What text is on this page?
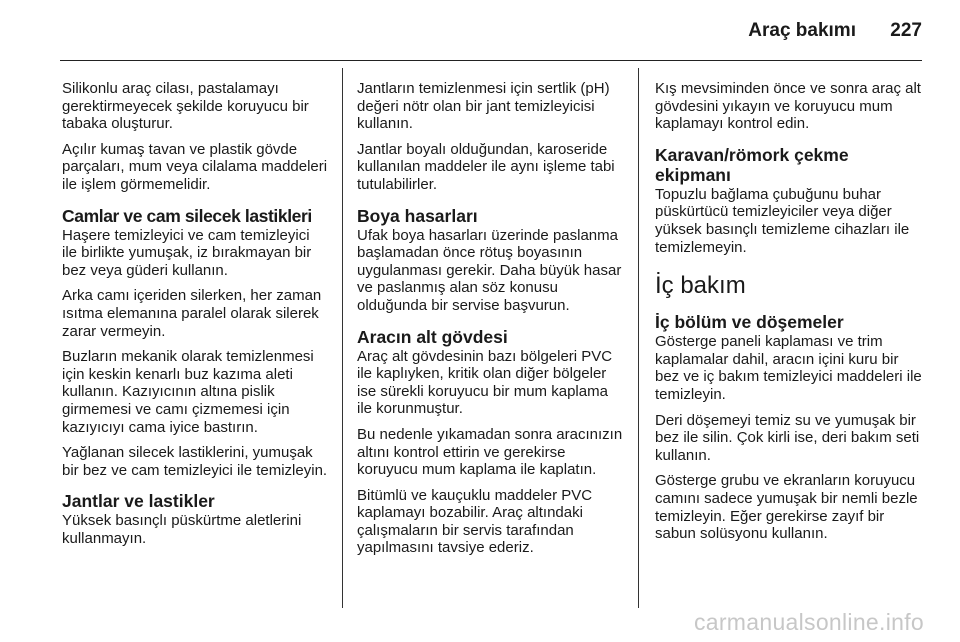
Araç bakımı 227

Silikonlu araç cilası, pastalamayı gerektirmeyecek şekilde koruyucu bir tabaka oluşturur.

Açılır kumaş tavan ve plastik gövde parçaları, mum veya cilalama maddeleri ile işlem görmemelidir.

Camlar ve cam silecek lastikleri

Haşere temizleyici ve cam temizleyici ile birlikte yumuşak, iz bırakmayan bir bez veya güderi kullanın.

Arka camı içeriden silerken, her zaman ısıtma elemanına paralel olarak silerek zarar vermeyin.

Buzların mekanik olarak temizlenmesi için keskin kenarlı buz kazıma aleti kullanın. Kazıyıcının altına pislik girmemesi ve camı çizmemesi için kazıyıcıyı cama iyice bastırın.

Yağlanan silecek lastiklerini, yumuşak bir bez ve cam temizleyici ile temizleyin.

Jantlar ve lastikler

Yüksek basınçlı püskürtme aletlerini kullanmayın.

Jantların temizlenmesi için sertlik (pH) değeri nötr olan bir jant temizleyicisi kullanın.

Jantlar boyalı olduğundan, karoseride kullanılan maddeler ile aynı işleme tabi tutulabilirler.

Boya hasarları

Ufak boya hasarları üzerinde paslanma başlamadan önce rötuş boyasının uygulanması gerekir. Daha büyük hasar ve paslanmış alan söz konusu olduğunda bir servise başvurun.

Aracın alt gövdesi

Araç alt gövdesinin bazı bölgeleri PVC ile kaplıyken, kritik olan diğer bölgeler ise sürekli koruyucu bir mum kaplama ile korunmuştur.

Bu nedenle yıkamadan sonra aracınızın altını kontrol ettirin ve gerekirse koruyucu mum kaplama ile kaplatın.

Bitümlü ve kauçuklu maddeler PVC kaplamayı bozabilir. Araç altındaki çalışmaların bir servis tarafından yapılmasını tavsiye ederiz.

Kış mevsiminden önce ve sonra araç alt gövdesini yıkayın ve koruyucu mum kaplamayı kontrol edin.

Karavan/römork çekme ekipmanı

Topuzlu bağlama çubuğunu buhar püskürtücü temizleyiciler veya diğer yüksek basınçlı temizleme cihazları ile temizlemeyin.

İç bakım
İç bölüm ve döşemeler

Gösterge paneli kaplaması ve trim kaplamalar dahil, aracın içini kuru bir bez ve iç bakım temizleyici maddeleri ile temizleyin.

Deri döşemeyi temiz su ve yumuşak bir bez ile silin. Çok kirli ise, deri bakım seti kullanın.

Gösterge grubu ve ekranların koruyucu camını sadece yumuşak bir nemli bezle temizleyin. Eğer gerekirse zayıf bir sabun solüsyonu kullanın.

carmanualsonline.info
